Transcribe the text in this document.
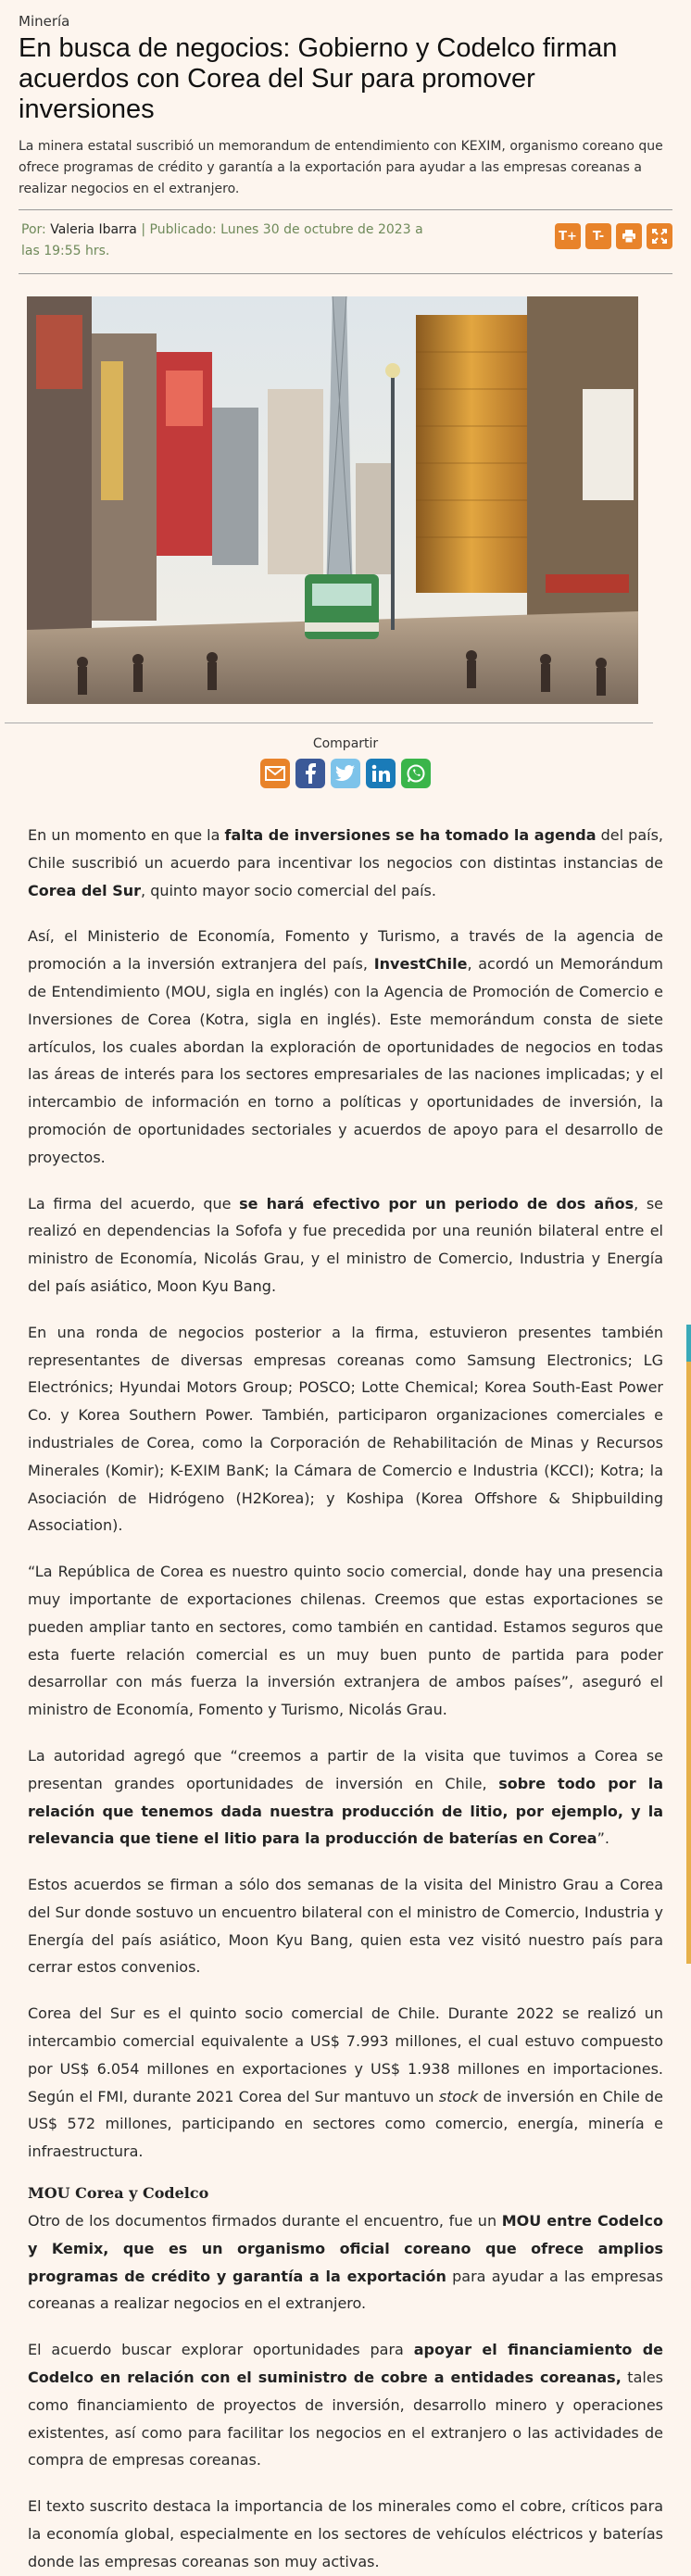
Minería
En busca de negocios: Gobierno y Codelco firman acuerdos con Corea del Sur para promover inversiones

La minera estatal suscribió un memorandum de entendimiento con KEXIM, organismo coreano que ofrece programas de crédito y garantía a la exportación para ayudar a las empresas coreanas a realizar negocios en el extranjero.

Por: Valeria Ibarra | Publicado: Lunes 30 de octubre de 2023 a las 19:55 hrs.
T+	T-
Compartir

En un momento en que la falta de inversiones se ha tomado la agenda del país, Chile suscribió un acuerdo para incentivar los negocios con distintas instancias de Corea del Sur, quinto mayor socio comercial del país.

Así, el Ministerio de Economía, Fomento y Turismo, a través de la agencia de promoción a la inversión extranjera del país, InvestChile, acordó un Memorándum de Entendimiento (MOU, sigla en inglés) con la Agencia de Promoción de Comercio e Inversiones de Corea (Kotra, sigla en inglés). Este memorándum consta de siete artículos, los cuales abordan la exploración de oportunidades de negocios en todas las áreas de interés para los sectores empresariales de las naciones implicadas; y el intercambio de información en torno a políticas y oportunidades de inversión, la promoción de oportunidades sectoriales y acuerdos de apoyo para el desarrollo de proyectos.

La firma del acuerdo, que se hará efectivo por un periodo de dos años, se realizó en dependencias la Sofofa y fue precedida por una reunión bilateral entre el ministro de Economía, Nicolás Grau, y el ministro de Comercio, Industria y Energía del país asiático, Moon Kyu Bang.

En una ronda de negocios posterior a la firma, estuvieron presentes también representantes de diversas empresas coreanas como Samsung Electronics; LG Electrónics; Hyundai Motors Group; POSCO; Lotte Chemical; Korea South-East Power Co. y Korea Southern Power. También, participaron organizaciones comerciales e industriales de Corea, como la Corporación de Rehabilitación de Minas y Recursos Minerales (Komir); K-EXIM BanK; la Cámara de Comercio e Industria (KCCI); Kotra; la Asociación de Hidrógeno (H2Korea); y Koshipa (Korea Offshore & Shipbuilding Association).

“La República de Corea es nuestro quinto socio comercial, donde hay una presencia muy importante de exportaciones chilenas. Creemos que estas exportaciones se pueden ampliar tanto en sectores, como también en cantidad. Estamos seguros que esta fuerte relación comercial es un muy buen punto de partida para poder desarrollar con más fuerza la inversión extranjera de ambos países”, aseguró el ministro de Economía, Fomento y Turismo, Nicolás Grau.

La autoridad agregó que “creemos a partir de la visita que tuvimos a Corea se presentan grandes oportunidades de inversión en Chile, sobre todo por la relación que tenemos dada nuestra producción de litio, por ejemplo, y la relevancia que tiene el litio para la producción de baterías en Corea”.

Estos acuerdos se firman a sólo dos semanas de la visita del Ministro Grau a Corea del Sur donde sostuvo un encuentro bilateral con el ministro de Comercio, Industria y Energía del país asiático, Moon Kyu Bang, quien esta vez visitó nuestro país para cerrar estos convenios.

Corea del Sur es el quinto socio comercial de Chile. Durante 2022 se realizó un intercambio comercial equivalente a US$ 7.993 millones, el cual estuvo compuesto por US$ 6.054 millones en exportaciones y US$ 1.938 millones en importaciones. Según el FMI, durante 2021 Corea del Sur mantuvo un stock de inversión en Chile de US$ 572 millones, participando en sectores como comercio, energía, minería e infraestructura.

MOU Corea y Codelco

Otro de los documentos firmados durante el encuentro, fue un MOU entre Codelco y Kemix, que es un organismo oficial coreano que ofrece amplios programas de crédito y garantía a la exportación para ayudar a las empresas coreanas a realizar negocios en el extranjero.

El acuerdo buscar explorar oportunidades para apoyar el financiamiento de Codelco en relación con el suministro de cobre a entidades coreanas, tales como financiamiento de proyectos de inversión, desarrollo minero y operaciones existentes, así como para facilitar los negocios en el extranjero o las actividades de compra de empresas coreanas.

El texto suscrito destaca la importancia de los minerales como el cobre, críticos para la economía global, especialmente en los sectores de vehículos eléctricos y baterías donde las empresas coreanas son muy activas.
